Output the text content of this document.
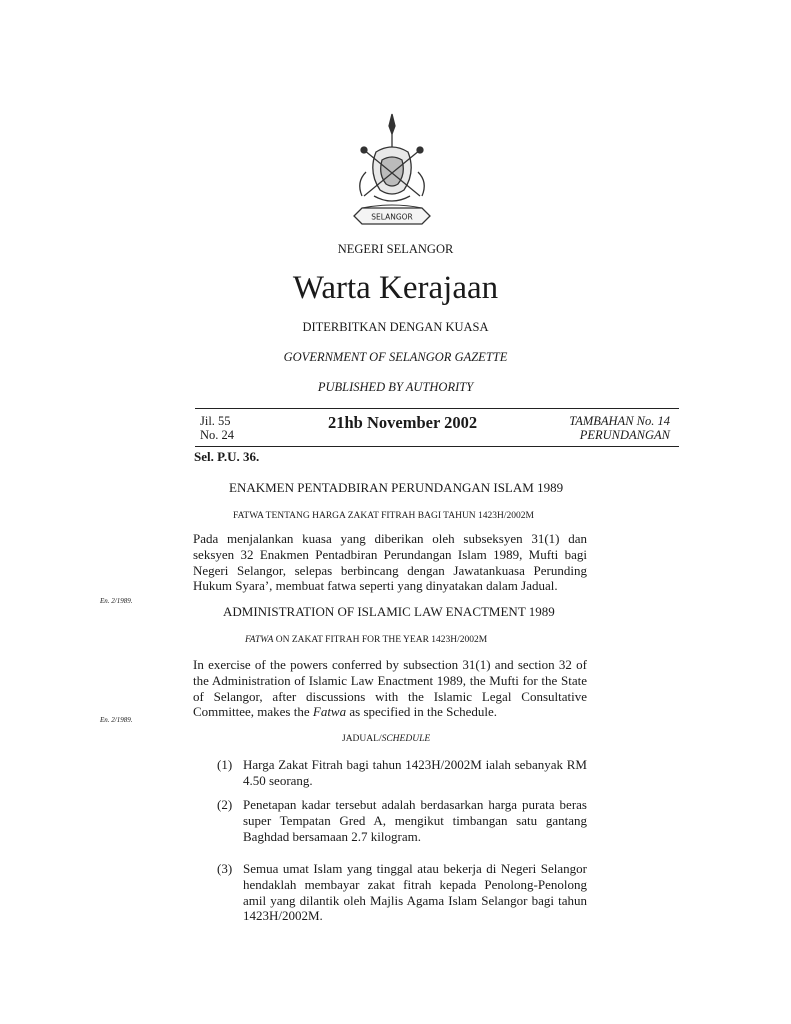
SELANGOR
NEGERI SELANGOR
Warta Kerajaan
DITERBITKAN DENGAN KUASA
GOVERNMENT OF SELANGOR GAZETTE
PUBLISHED BY AUTHORITY
Jil. 55
No. 24
21hb November 2002	TAMBAHAN No. 14
PERUNDANGAN
Sel. P.U. 36.
ENAKMEN PENTADBIRAN PERUNDANGAN ISLAM 1989
FATWA TENTANG HARGA ZAKAT FITRAH BAGI TAHUN 1423H/2002M

Pada menjalankan kuasa yang diberikan oleh subseksyen 31(1) dan seksyen 32 Enakmen Pentadbiran Perundangan Islam 1989, Mufti bagi Negeri Selangor, selepas berbincang dengan Jawatankuasa Perunding Hukum Syara’, membuat fatwa seperti yang dinyatakan dalam Jadual.

En. 2/1989.
ADMINISTRATION OF ISLAMIC LAW ENACTMENT 1989
FATWA ON ZAKAT FITRAH FOR THE YEAR 1423H/2002M

In exercise of the powers conferred by subsection 31(1) and section 32 of the Administration of Islamic Law Enactment 1989, the Mufti for the State of Selangor, after discussions with the Islamic Legal Consultative Committee, makes the Fatwa as specified in the Schedule.

En. 2/1989.
JADUAL/SCHEDULE
(1) Harga Zakat Fitrah bagi tahun 1423H/2002M ialah sebanyak RM 4.50 seorang.

(2) Penetapan kadar tersebut adalah berdasarkan harga purata beras super Tempatan Gred A, mengikut timbangan satu gantang Baghdad bersamaan 2.7 kilogram.

(3) Semua umat Islam yang tinggal atau bekerja di Negeri Selangor hendaklah membayar zakat fitrah kepada Penolong-Penolong amil yang dilantik oleh Majlis Agama Islam Selangor bagi tahun 1423H/2002M.
